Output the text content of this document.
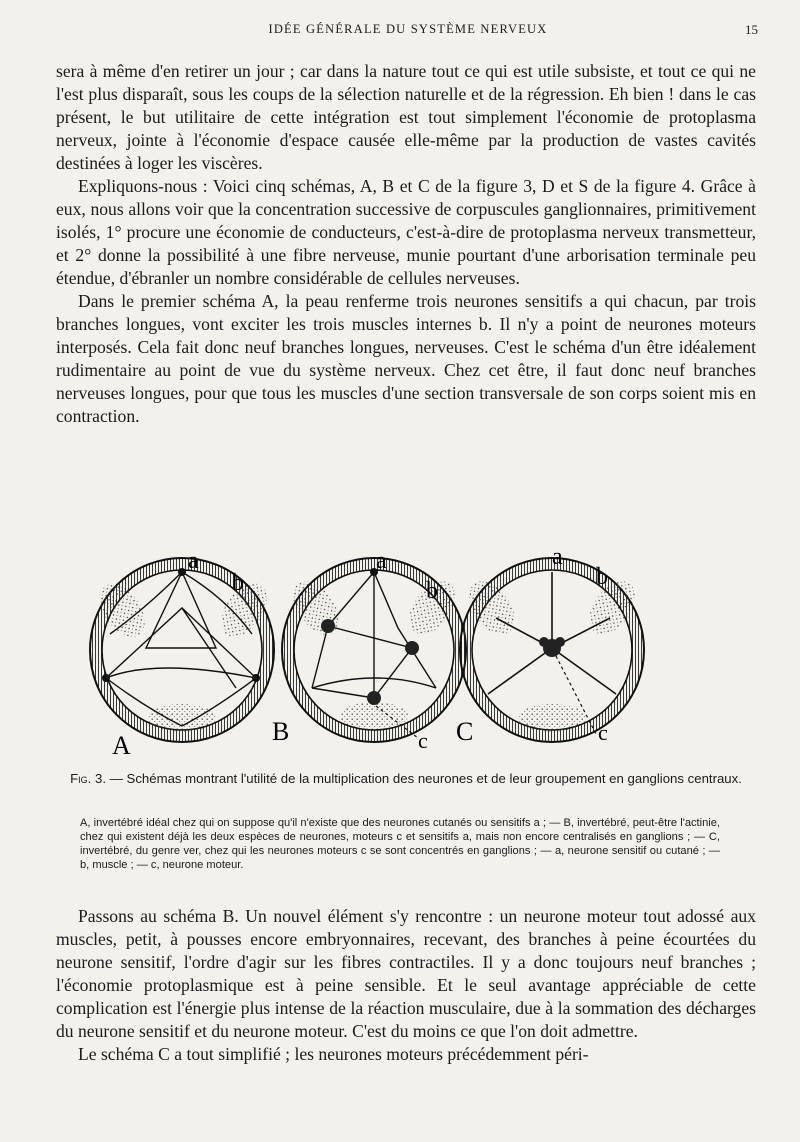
IDÉE GÉNÉRALE DU SYSTÈME NERVEUX	15

sera à même d'en retirer un jour ; car dans la nature tout ce qui est utile subsiste, et tout ce qui ne l'est plus disparaît, sous les coups de la sélection naturelle et de la régression. Eh bien ! dans le cas présent, le but utilitaire de cette intégration est tout simplement l'économie de protoplasma nerveux, jointe à l'économie d'espace causée elle-même par la production de vastes cavités destinées à loger les viscères.

Expliquons-nous : Voici cinq schémas, A, B et C de la figure 3, D et S de la figure 4. Grâce à eux, nous allons voir que la concentration successive de corpuscules ganglionnaires, primitivement isolés, 1° procure une économie de conducteurs, c'est-à-dire de protoplasma nerveux transmetteur, et 2° donne la possibilité à une fibre nerveuse, munie pourtant d'une arborisation terminale peu étendue, d'ébranler un nombre considérable de cellules nerveuses.

Dans le premier schéma A, la peau renferme trois neurones sensitifs a qui chacun, par trois branches longues, vont exciter les trois muscles internes b. Il n'y a point de neurones moteurs interposés. Cela fait donc neuf branches longues, nerveuses. C'est le schéma d'un être idéalement rudimentaire au point de vue du système nerveux. Chez cet être, il faut donc neuf branches nerveuses longues, pour que tous les muscles d'une section transversale de son corps soient mis en contraction.

a
b
A
a
b
c
B
a
b
c
C
Fig. 3. — Schémas montrant l'utilité de la multiplication des neurones et de leur groupement en ganglions centraux.
A, invertébré idéal chez qui on suppose qu'il n'existe que des neurones cutanés ou sensitifs a ; — B, invertébré, peut-être l'actinie, chez qui existent déjà les deux espèces de neurones, moteurs c et sensitifs a, mais non encore centralisés en ganglions ; — C, invertébré, du genre ver, chez qui les neurones moteurs c se sont concentrés en ganglions ; — a, neurone sensitif ou cutané ; — b, muscle ; — c, neurone moteur.

Passons au schéma B. Un nouvel élément s'y rencontre : un neurone moteur tout adossé aux muscles, petit, à pousses encore embryonnaires, recevant, des branches à peine écourtées du neurone sensitif, l'ordre d'agir sur les fibres contractiles. Il y a donc toujours neuf branches ; l'économie protoplasmique est à peine sensible. Et le seul avantage appréciable de cette complication est l'énergie plus intense de la réaction musculaire, due à la sommation des décharges du neurone sensitif et du neurone moteur. C'est du moins ce que l'on doit admettre.

Le schéma C a tout simplifié ; les neurones moteurs précédemment péri-
